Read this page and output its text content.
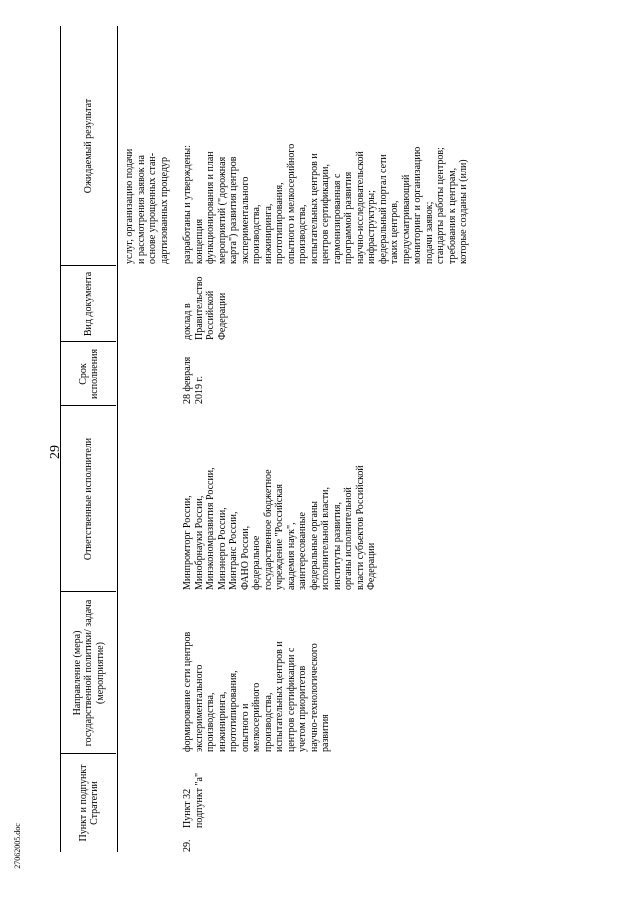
29
27062005.doc
Пункт и подпункт Стратегии
Направление (мера) государственной политики/ задача (мероприятие)
Ответственные исполнители
Срок исполнения
Вид документа
Ожидаемый результат
услуг, организацию подачи
и рассмотрения заявок на
основе упрощенных стан-
дартизованных процедур
29.
Пункт 32
подпункт "а"
формирование сети центров
экспериментального
производства,
инжиниринга,
прототипирования,
опытного и
мелкосерийного
производства,
испытательных центров и
центров сертификации с
учетом приоритетов
научно-технологического
развития
Минпромторг России,
Минобрнауки России,
Минэкономразвития России,
Минэнерго России,
Минтранс России,
ФАНО России,
федеральное
государственное бюджетное
учреждение "Российская
академия наук",
заинтересованные
федеральные органы
исполнительной власти,
институты развития,
органы исполнительной
власти субъектов Российской
Федерации
28 февраля
2019 г.
доклад в
Правительство
Российской
Федерации
разработаны и утверждены:
концепция
функционирования и план
мероприятий ("дорожная
карта") развития центров
экспериментального
производства,
инжиниринга,
прототипирования,
опытного и мелкосерийного
производства,
испытательных центров и
центров сертификации,
гармонизированная с
программой развития
научно-исследовательской
инфраструктуры;
федеральный портал сети
таких центров,
предусматривающий
мониторинг и организацию
подачи заявок;
стандарты работы центров;
требования к центрам,
которые созданы и (или)
